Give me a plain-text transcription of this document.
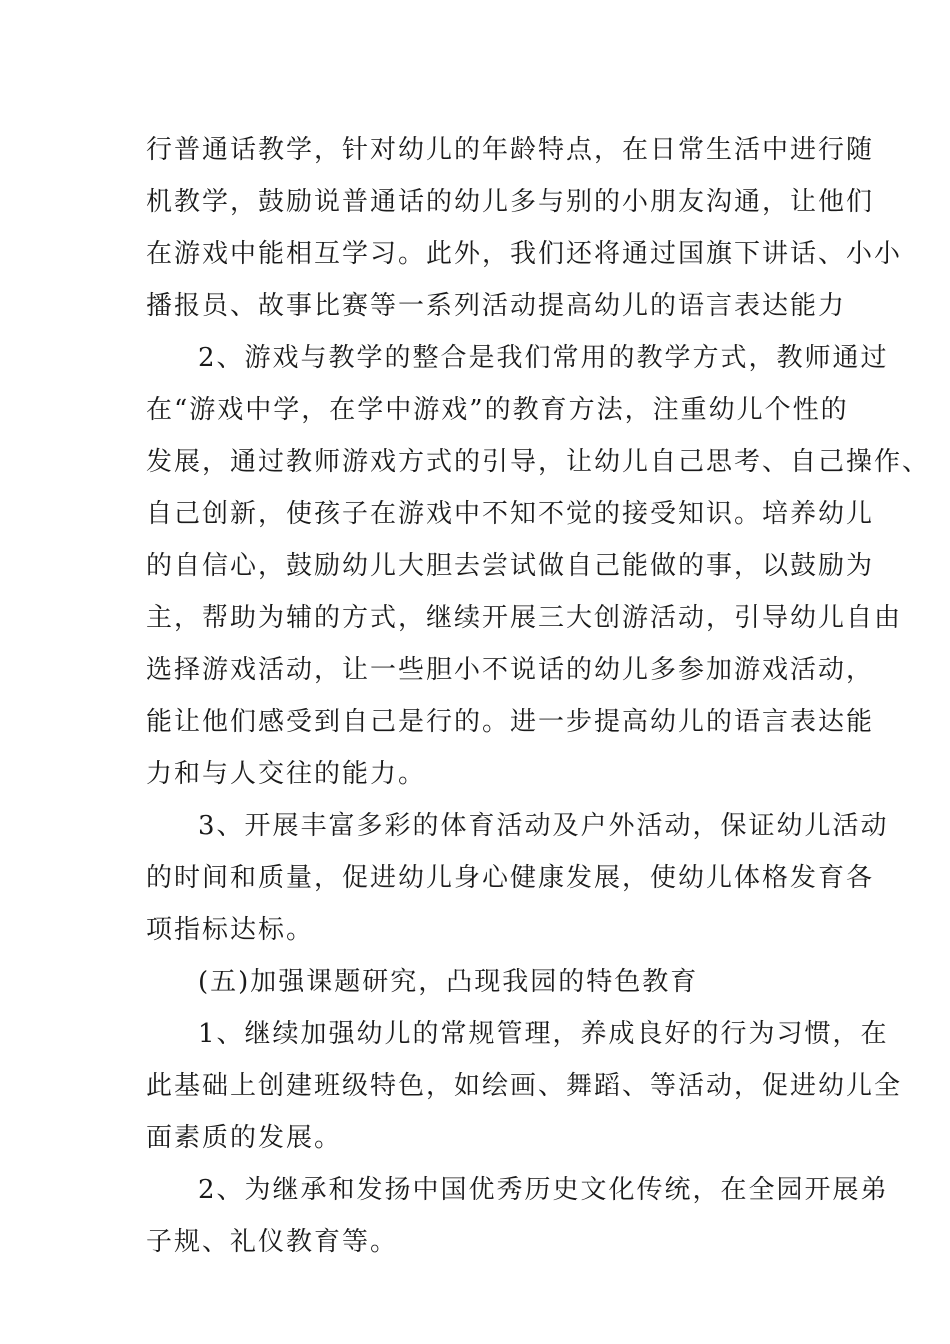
行普通话教学，针对幼儿的年龄特点，在日常生活中进行随
机教学，鼓励说普通话的幼儿多与别的小朋友沟通，让他们
在游戏中能相互学习。此外，我们还将通过国旗下讲话、小小
播报员、故事比赛等一系列活动提高幼儿的语言表达能力
2、游戏与教学的整合是我们常用的教学方式，教师通过
在“游戏中学，在学中游戏”的教育方法，注重幼儿个性的
发展，通过教师游戏方式的引导，让幼儿自己思考、自己操作、
自己创新，使孩子在游戏中不知不觉的接受知识。培养幼儿
的自信心，鼓励幼儿大胆去尝试做自己能做的事，以鼓励为
主，帮助为辅的方式，继续开展三大创游活动，引导幼儿自由
选择游戏活动，让一些胆小不说话的幼儿多参加游戏活动，
能让他们感受到自己是行的。进一步提高幼儿的语言表达能
力和与人交往的能力。
3、开展丰富多彩的体育活动及户外活动，保证幼儿活动
的时间和质量，促进幼儿身心健康发展，使幼儿体格发育各
项指标达标。
(五)加强课题研究，凸现我园的特色教育
1、继续加强幼儿的常规管理，养成良好的行为习惯，在
此基础上创建班级特色，如绘画、舞蹈、等活动，促进幼儿全
面素质的发展。
2、为继承和发扬中国优秀历史文化传统，在全园开展弟
子规、礼仪教育等。
